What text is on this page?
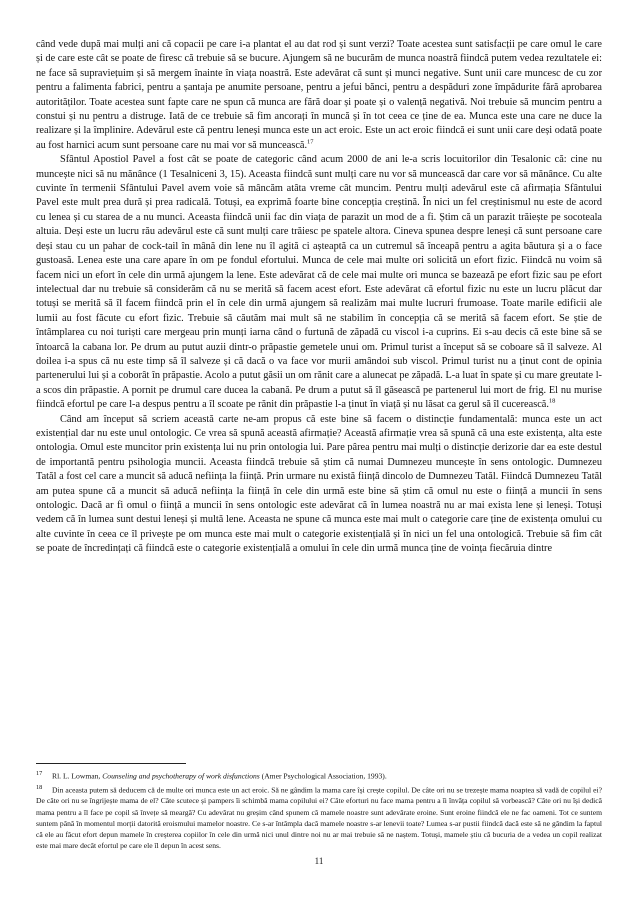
când vede după mai mulți ani că copacii pe care i-a plantat el au dat rod și sunt verzi? Toate acestea sunt satisfacții pe care omul le care și de care este cât se poate de firesc că trebuie să se bucure. Ajungem să ne bucurăm de munca noastră fiindcă putem vedea rezultatele ei: ne face să supraviețuim și să mergem înainte în viața noastră. Este adevărat că sunt și munci negative. Sunt unii care muncesc de cu zor pentru a falimenta fabrici, pentru a șantaja pe anumite persoane, pentru a jefui bănci, pentru a despăduri zone împădurite fără aprobarea autorităților. Toate acestea sunt fapte care ne spun că munca are fără doar și poate și o valență negativă. Noi trebuie să muncim pentru a constui și nu pentru a distruge. Iată de ce trebuie să fim ancorați în muncă și în tot ceea ce ține de ea. Munca este una care ne duce la realizare și la împlinire. Adevărul este că pentru leneși munca este un act eroic. Este un act eroic fiindcă ei sunt unii care deși odată poate au fost harnici acum sunt persoane care nu mai vor să muncească.$^{17}$

Sfântul Apostiol Pavel a fost cât se poate de categoric când acum 2000 de ani le-a scris locuitorilor din Tesalonic că: cine nu muncește nici să nu mănânce (1 Tesalniceni 3, 15). Aceasta fiindcă sunt mulți care nu vor să muncească dar care vor să mănânce. Cu alte cuvinte în termenii Sfântului Pavel avem voie să mâncăm atâta vreme cât muncim. Pentru mulți adevărul este că afirmația Sfântului Pavel este mult prea dură și prea radicală. Totuși, ea exprimă foarte bine concepția creștină. În nici un fel creștinismul nu este de acord cu lenea și cu starea de a nu munci. Aceasta fiindcă unii fac din viața de parazit un mod de a fi. Știm că un parazit trăiește pe socoteala altuia. Deși este un lucru rău adevărul este că sunt mulți care trăiesc pe spatele altora. Cineva spunea despre leneși că sunt persoane care deși stau cu un pahar de cock-tail în mână din lene nu îl agită ci așteaptă ca un cutremul să înceapă pentru a agita băutura și a o face gustoasă. Lenea este una care apare în om pe fondul efortului. Munca de cele mai multe ori solicită un efort fizic. Fiindcă nu voim să facem nici un efort în cele din urmă ajungem la lene. Este adevărat că de cele mai multe ori munca se bazează pe efort fizic sau pe efort intelectual dar nu trebuie să considerăm că nu se merită să facem acest efort. Este adevărat că efortul fizic nu este un lucru plăcut dar totuși se merită să îl facem fiindcă prin el în cele din urmă ajungem să realizăm mai multe lucruri frumoase. Toate marile edificii ale lumii au fost făcute cu efort fizic. Trebuie să căutăm mai mult să ne stabilim în concepția că se merită să facem efort. Se știe de întâmplarea cu noi turiști care mergeau prin munți iarna când o furtună de zăpadă cu viscol i-a cuprins. Ei s-au decis că este bine să se întoarcă la cabana lor. Pe drum au putut auzii dintr-o prăpastie gemetele unui om. Primul turist a început să se coboare să îl salveze. Al doilea i-a spus că nu este timp să îl salveze și că dacă o va face vor murii amândoi sub viscol. Primul turist nu a ținut cont de opinia partenerului lui și a coborât în prăpastie. Acolo a putut găsii un om rănit care a alunecat pe zăpadă. L-a luat în spate și cu mare greutate l-a scos din prăpastie. A pornit pe drumul care ducea la cabană. Pe drum a putut să îl găsească pe partenerul lui mort de frig. El nu murise fiindcă efortul pe care l-a despus pentru a îl scoate pe rănit din prăpastie l-a ținut în viață și nu lăsat ca gerul să îl cucerească.$^{18}$

Când am început să scriem această carte ne-am propus că este bine să facem o distincție fundamentală: munca este un act existențial dar nu este unul ontologic. Ce vrea să spună această afirmație? Această afirmație vrea să spună că una este existența, alta este ontologia. Omul este muncitor prin existența lui nu prin ontologia lui. Pare pârea pentru mai mulți o distincție derizorie dar ea este destul de importantă pentru psihologia muncii. Aceasta fiindcă trebuie să știm că numai Dumnezeu muncește în sens ontologic. Dumnezeu Tatăl a fost cel care a muncit să aducă neființa la ființă. Prin urmare nu există ființă dincolo de Dumnezeu Tatăl. Fiindcă Dumnezeu Tatăl am putea spune că a muncit să aducă neființa la ființă în cele din urmă este bine să știm că omul nu este o ființă a muncii în sens ontologic. Dacă ar fi omul o ființă a muncii în sens ontologic este adevărat că în lumea noastră nu ar mai exista lene și leneși. Totuși vedem că în lumea sunt destui leneși și multă lene. Aceasta ne spune că munca este mai mult o categorie care ține de existența omului cu alte cuvinte în ceea ce îl privește pe om munca este mai mult o categorie existențială și în nici un fel una ontologică. Trebuie să fim cât se poate de încredințați că fiindcă este o categorie existențială a omului în cele din urmă munca ține de voința fiecăruia dintre

$^{17}$ Rl. L. Lowman, Counseling and psychotherapy of work disfunctions (Amer Psychological Association, 1993).

$^{18}$ Din aceasta putem să deducem că de multe ori munca este un act eroic. Să ne gândim la mama care își crește copilul. De câte ori nu se trezește mama noaptea să vadă de copilul ei? De câte ori nu se îngrijește mama de el? Câte scutece și pampers îi schimbă mama copilului ei? Câte eforturi nu face mama pentru a îi învăța copilul să vorbească? Câte ori nu își dedică mama pentru a îl face pe copil să învețe să meargă? Cu adevărat nu greșim când spunem că mamele noastre sunt adevărate eroine. Sunt eroine fiindcă ele ne fac oameni. Tot ce suntem suntem până în momentul morții datorită eroismului mamelor noastre. Ce s-ar întâmpla dacă mamele noastre s-ar lenevii toate? Lumea s-ar pustii fiindcă dacă este să ne gândim la faptul că ele au făcut efort depun mamele în creșterea copiilor în cele din urmă nici unul dintre noi nu ar mai trebuie să ne naștem. Totuși, mamele știu că bucuria de a vedea un copil realizat este mai mare decât efortul pe care ele îl depun în acest sens.

11
